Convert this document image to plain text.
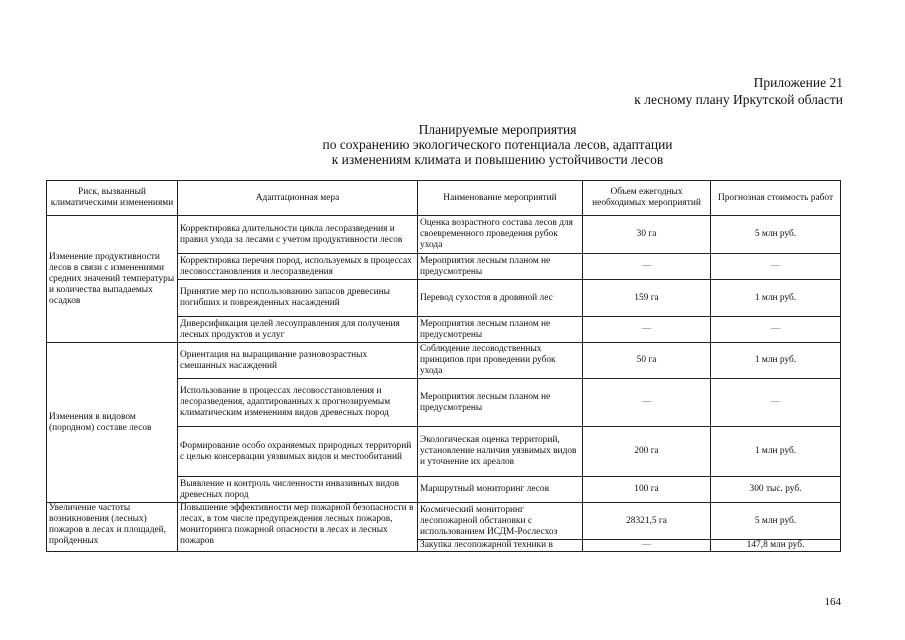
Приложение 21
к лесному плану Иркутской области
Планируемые мероприятия
по сохранению экологического потенциала лесов, адаптации
к изменениям климата и повышению устойчивости лесов
Риск, вызванный климатическими изменениями	Адаптационная мера	Наименование мероприятий	Объем ежегодных необходимых мероприятий	Прогнозная стоимость работ
Изменение продуктивности лесов в связи с изменениями средних значений температуры и количества выпадаемых осадков	Корректировка длительности цикла лесоразведения и правил ухода за лесами с учетом продуктивности лесов	Оценка возрастного состава лесов для своевременного проведения рубок ухода	30 га	5 млн руб.
	Корректировка перечня пород, используемых в процессах лесовосстановления и лесоразведения	Мероприятия лесным планом не предусмотрены	—	—
	Принятие мер по использованию запасов древесины погибших и поврежденных насаждений	Перевод сухостоя в дровяной лес	159 га	1 млн руб.
	Диверсификация целей лесоуправления для получения лесных продуктов и услуг	Мероприятия лесным планом не предусмотрены	—	—
Изменения в видовом (породном) составе лесов	Ориентация на выращивание разновозрастных смешанных насаждений	Соблюдение лесоводственных принципов при проведении рубок ухода	50 га	1 млн руб.
	Использование в процессах лесовосстановления и лесоразведения, адаптированных к прогнозируемым климатическим изменениям видов древесных пород	Мероприятия лесным планом не предусмотрены	—	—
	Формирование особо охраняемых природных территорий с целью консервации уязвимых видов и местообитаний	Экологическая оценка территорий, установление наличия уязвимых видов и уточнение их ареалов	200 га	1 млн руб.
	Выявление и контроль численности инвазивных видов древесных пород	Маршрутный мониторинг лесов	100 га	300 тыс. руб.
Увеличение частоты возникновения (лесных) пожаров в лесах и площадей, пройденных	Повышение эффективности мер пожарной безопасности в лесах, в том числе предупреждения лесных пожаров, мониторинга пожарной опасности в лесах и лесных пожаров	Космический мониторинг лесопожарной обстановки с использованием ИСДМ-Рослесхоз	28321,5 га	5 млн руб.
		Закупка лесопожарной техники в	—	147,8 млн руб.
164
